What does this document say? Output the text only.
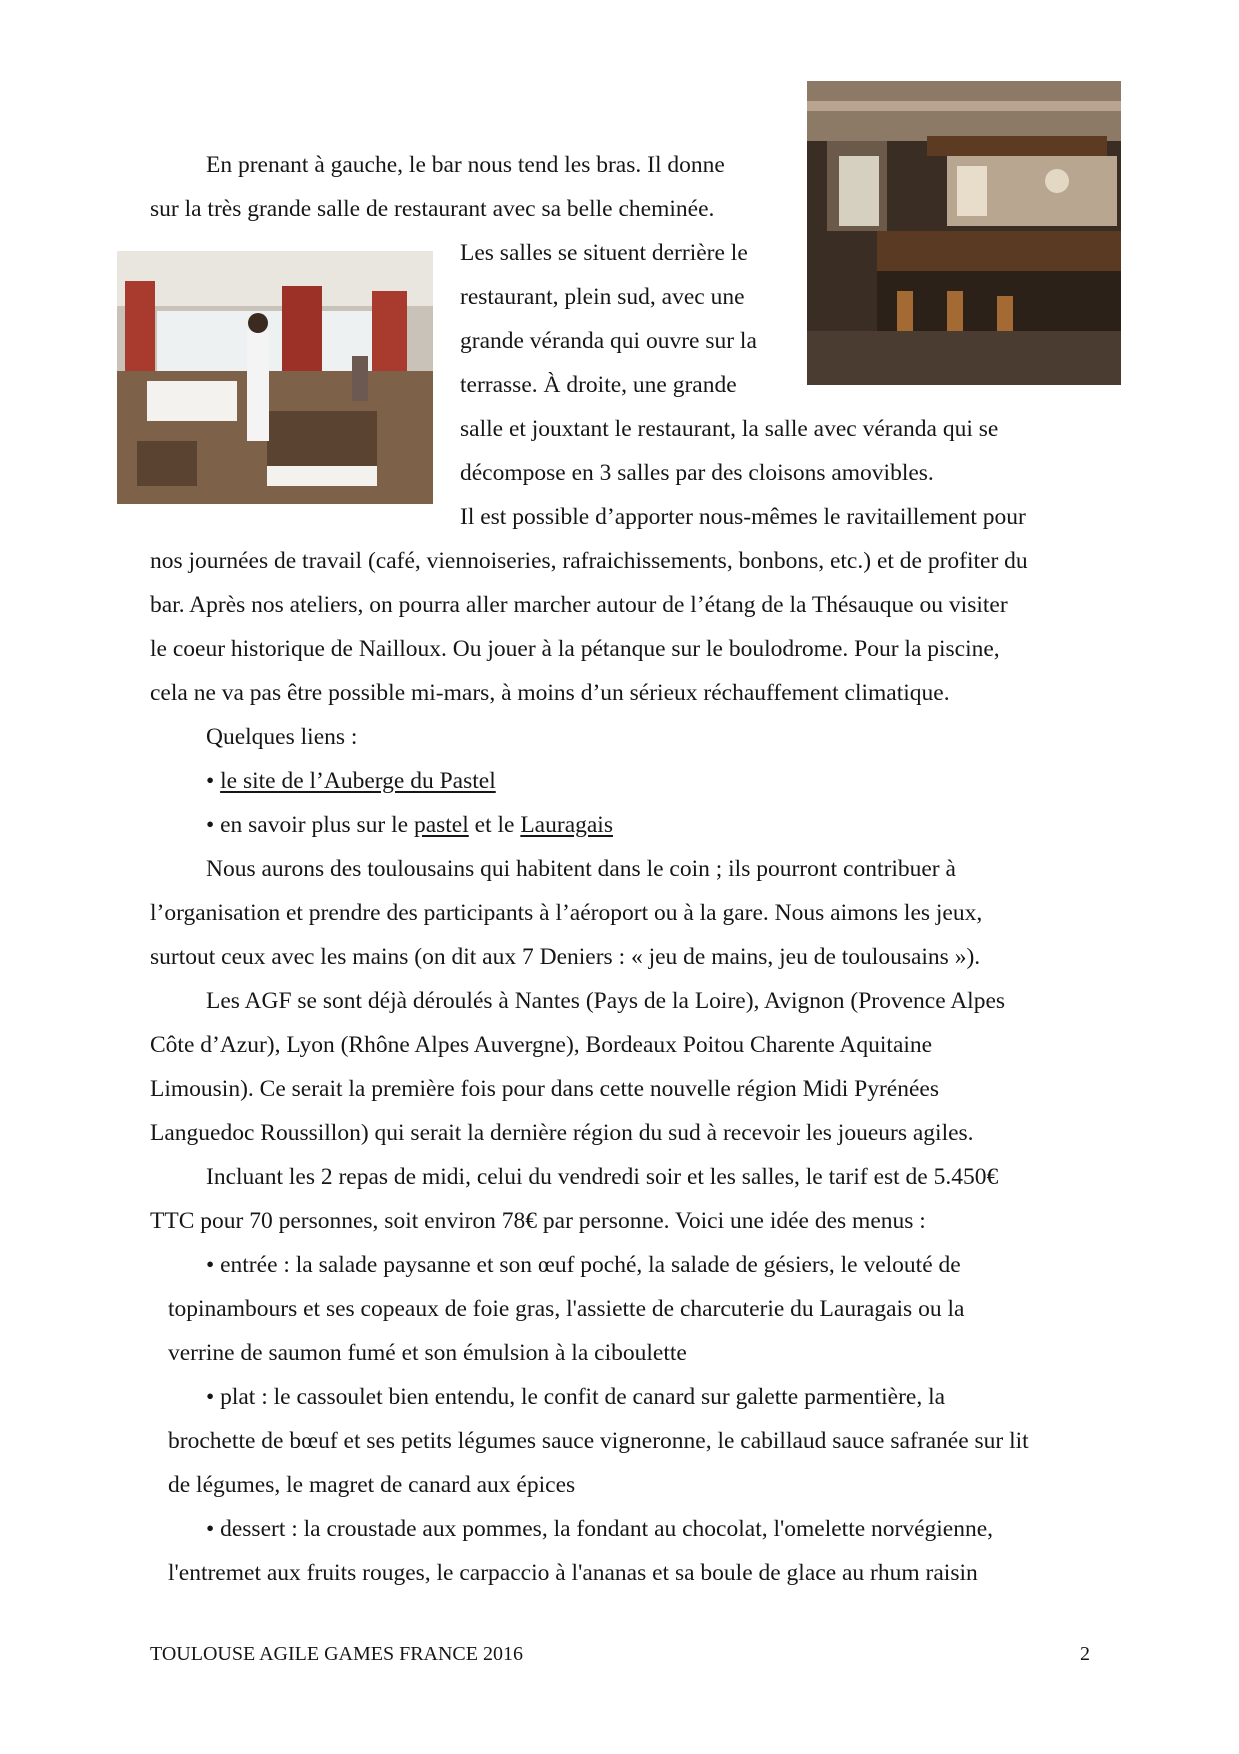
En prenant à gauche, le bar nous tend les bras. Il donne

sur la très grande salle de restaurant avec sa belle cheminée.

Les salles se situent derrière le

restaurant, plein sud, avec une

grande véranda qui ouvre sur la

terrasse. À droite, une grande

salle et jouxtant le restaurant, la salle avec véranda qui se

décompose en 3 salles par des cloisons amovibles.

Il est possible d’apporter nous-mêmes le ravitaillement pour

nos journées de travail (café, viennoiseries, rafraichissements, bonbons, etc.) et de profiter du

bar. Après nos ateliers, on pourra aller marcher autour de l’étang de la Thésauque ou visiter

le coeur historique de Nailloux. Ou jouer à la pétanque sur le boulodrome. Pour la piscine,

cela ne va pas être possible mi-mars, à moins d’un sérieux réchauffement climatique.

Quelques liens :

• le site de l’Auberge du Pastel

• en savoir plus sur le pastel et le Lauragais

Nous aurons des toulousains qui habitent dans le coin ; ils pourront contribuer à

l’organisation et prendre des participants à l’aéroport ou à la gare. Nous aimons les jeux,

surtout ceux avec les mains (on dit aux 7 Deniers : « jeu de mains, jeu de toulousains »).

Les AGF se sont déjà déroulés à Nantes (Pays de la Loire), Avignon (Provence Alpes

Côte d’Azur), Lyon (Rhône Alpes Auvergne), Bordeaux Poitou Charente Aquitaine

Limousin). Ce serait la première fois pour dans cette nouvelle région Midi Pyrénées

Languedoc Roussillon) qui serait la dernière région du sud à recevoir les joueurs agiles.

Incluant les 2 repas de midi, celui du vendredi soir et les salles, le tarif est de 5.450€

TTC pour 70 personnes, soit environ 78€ par personne. Voici une idée des menus :

• entrée : la salade paysanne et son œuf poché, la salade de gésiers, le velouté de

topinambours et ses copeaux de foie gras, l'assiette de charcuterie du Lauragais ou la

verrine de saumon fumé et son émulsion à la ciboulette

• plat : le cassoulet bien entendu, le confit de canard sur galette parmentière, la

brochette de bœuf et ses petits légumes sauce vigneronne, le cabillaud sauce safranée sur lit

de légumes, le magret de canard aux épices

• dessert : la croustade aux pommes, la fondant au chocolat, l'omelette norvégienne,

l'entremet aux fruits rouges, le carpaccio à l'ananas et sa boule de glace au rhum raisin

TOULOUSE AGILE GAMES FRANCE 2016	2
